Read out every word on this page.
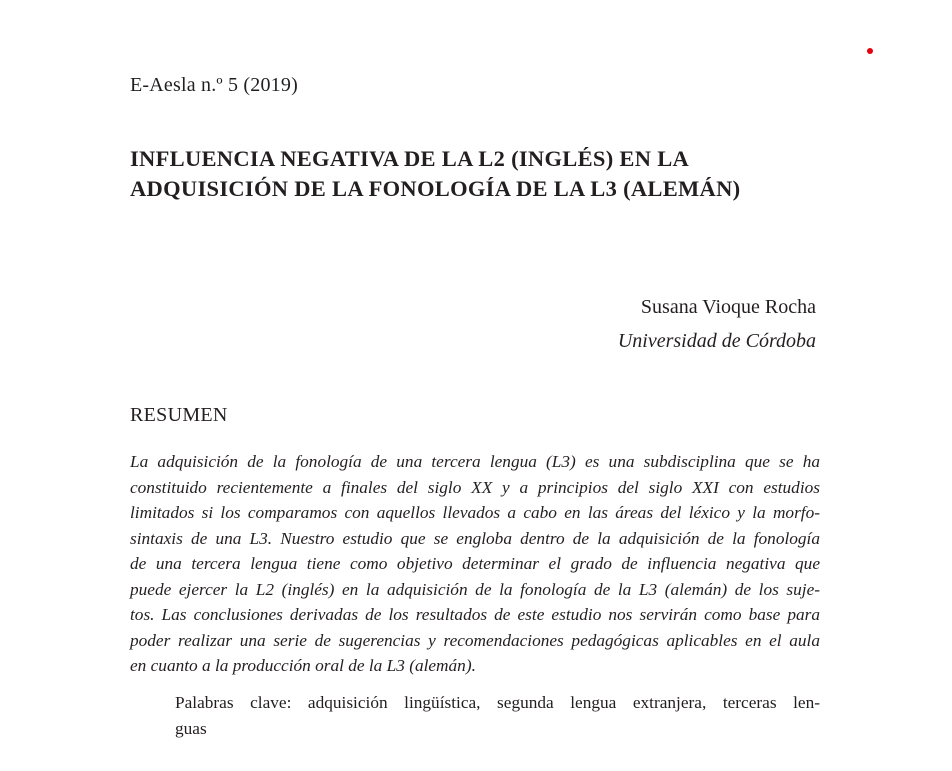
E-Aesla n.º 5 (2019)
INFLUENCIA NEGATIVA DE LA L2 (INGLÉS) EN LA
ADQUISICIÓN DE LA FONOLOGÍA DE LA L3 (ALEMÁN)
Susana Vioque Rocha
Universidad de Córdoba
RESUMEN
La adquisición de la fonología de una tercera lengua (L3) es una subdisciplina que se ha
constituido recientemente a finales del siglo XX y a principios del siglo XXI con estudios
limitados si los comparamos con aquellos llevados a cabo en las áreas del léxico y la morfo-
sintaxis de una L3. Nuestro estudio que se engloba dentro de la adquisición de la fonología
de una tercera lengua tiene como objetivo determinar el grado de influencia negativa que
puede ejercer la L2 (inglés) en la adquisición de la fonología de la L3 (alemán) de los suje-
tos. Las conclusiones derivadas de los resultados de este estudio nos servirán como base para
poder realizar una serie de sugerencias y recomendaciones pedagógicas aplicables en el aula
en cuanto a la producción oral de la L3 (alemán).
Palabras clave: adquisición lingüística, segunda lengua extranjera, terceras len-
guas
